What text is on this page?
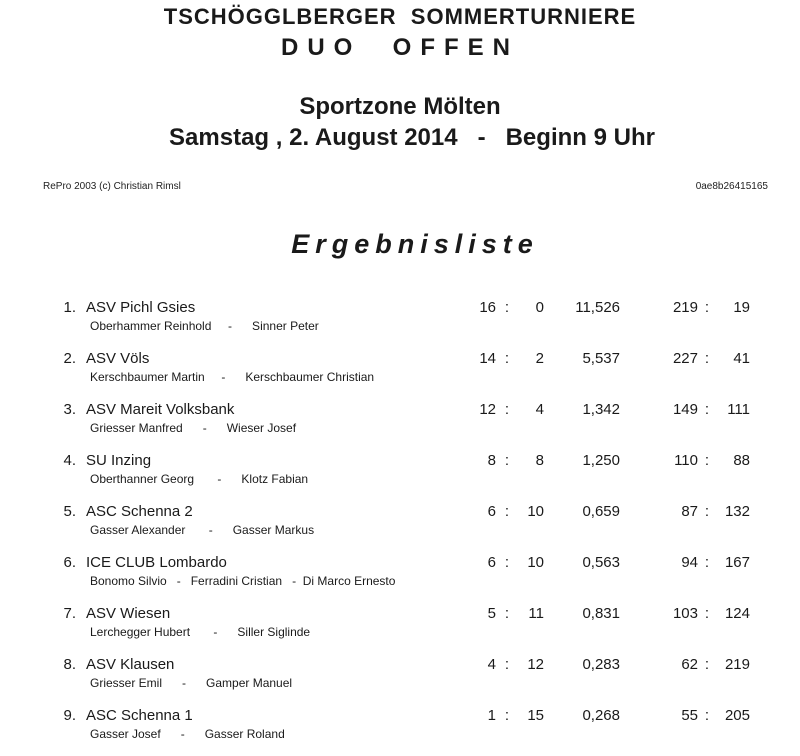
TSCHÖGGLBERGER  SOMMERTURNIERE
DUO  OFFEN
Sportzone Mölten
Samstag , 2. August 2014   -   Beginn 9 Uhr
RePro 2003 (c) Christian Rimsl	0ae8b26415165
Ergebnisliste
1. ASV Pichl Gsies
Oberhammer Reinhold     -      Sinner Peter
16 :	0	11,526	219 :	19
2. ASV Völs
Kerschbaumer Martin     -      Kerschbaumer Christian
14 :	2	5,537	227 :	41
3. ASV Mareit Volksbank
Griesser Manfred      -      Wieser Josef
12 :	4	1,342	149 :	111
4. SU Inzing
Oberthanner Georg       -      Klotz Fabian
8 :	8	1,250	110 :	88
5. ASC Schenna 2
Gasser Alexander       -      Gasser Markus
6 :	10	0,659	87 :	132
6. ICE CLUB Lombardo
Bonomo Silvio   -   Ferradini Cristian   -  Di Marco Ernesto
6 :	10	0,563	94 :	167
7. ASV Wiesen
Lerchegger Hubert       -      Siller Siglinde
5 :	11	0,831	103 :	124
8. ASV Klausen
Griesser Emil      -      Gamper Manuel
4 :	12	0,283	62 :	219
9. ASC Schenna 1
Gasser Josef      -      Gasser Roland
1 :	15	0,268	55 :	205
